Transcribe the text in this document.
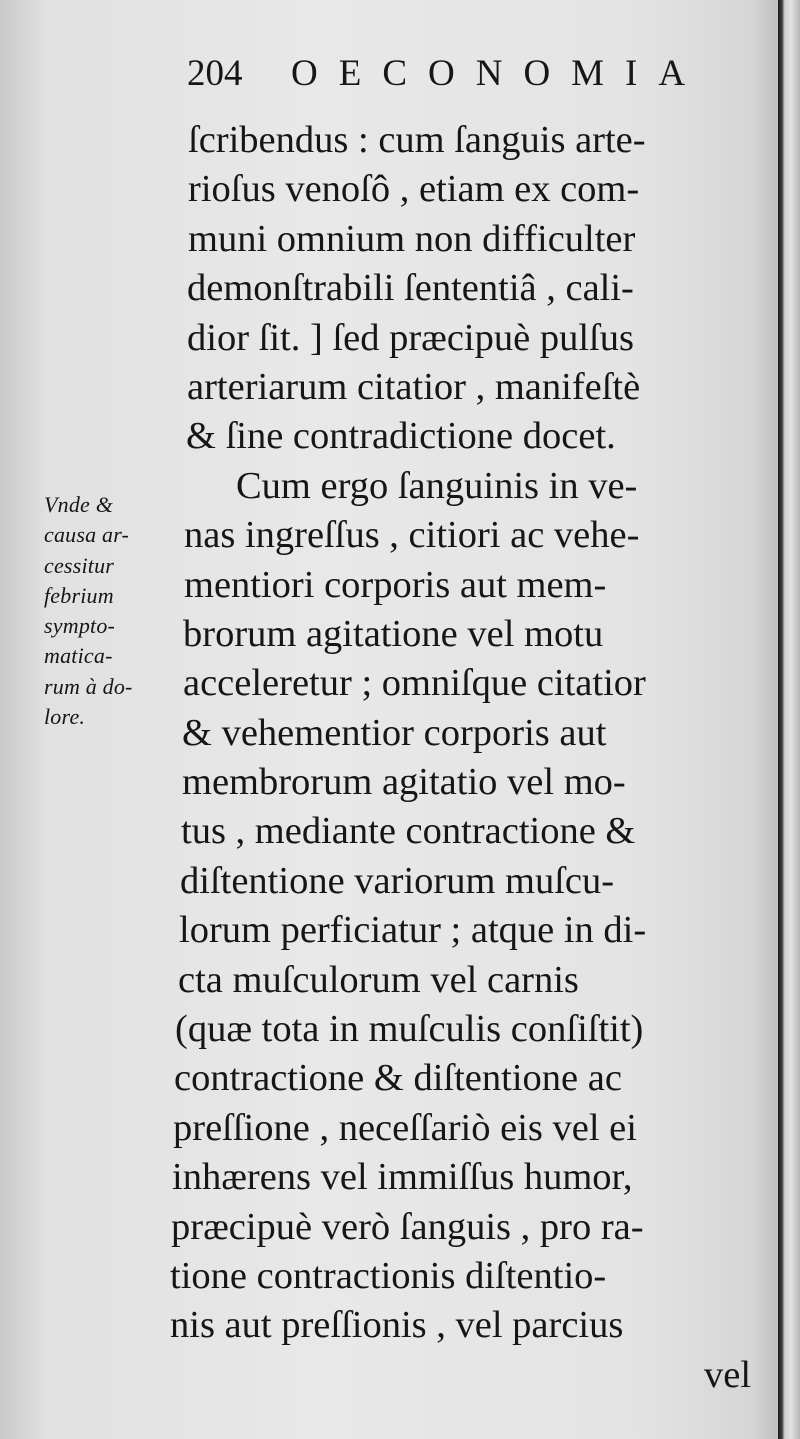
204 OECONOMIA
Vnde &
causa ar-
cessitur
febrium
sympto-
matica-
rum à do-
lore.
ſcribendus : cum ſanguis arte-
rioſus venoſô , etiam ex com-
muni omnium non difficulter
demonſtrabili ſententiâ , cali-
dior ſit. ] ſed præcipuè pulſus
arteriarum citatior , manifeſtè
& ſine contradictione docet.
Cum ergo ſanguinis in ve-
nas ingreſſus , citiori ac vehe-
mentiori corporis aut mem-
brorum agitatione vel motu
acceleretur ; omniſque citatior
& vehementior corporis aut
membrorum agitatio vel mo-
tus , mediante contractione &
diſtentione variorum muſcu-
lorum perficiatur ; atque in di-
cta muſculorum vel carnis
(quæ tota in muſculis conſiſtit)
contractione & diſtentione ac
preſſione , neceſſariò eis vel ei
inhærens vel immiſſus humor,
præcipuè verò ſanguis , pro ra-
tione contractionis diſtentio-
nis aut preſſionis , vel parcius
vel
